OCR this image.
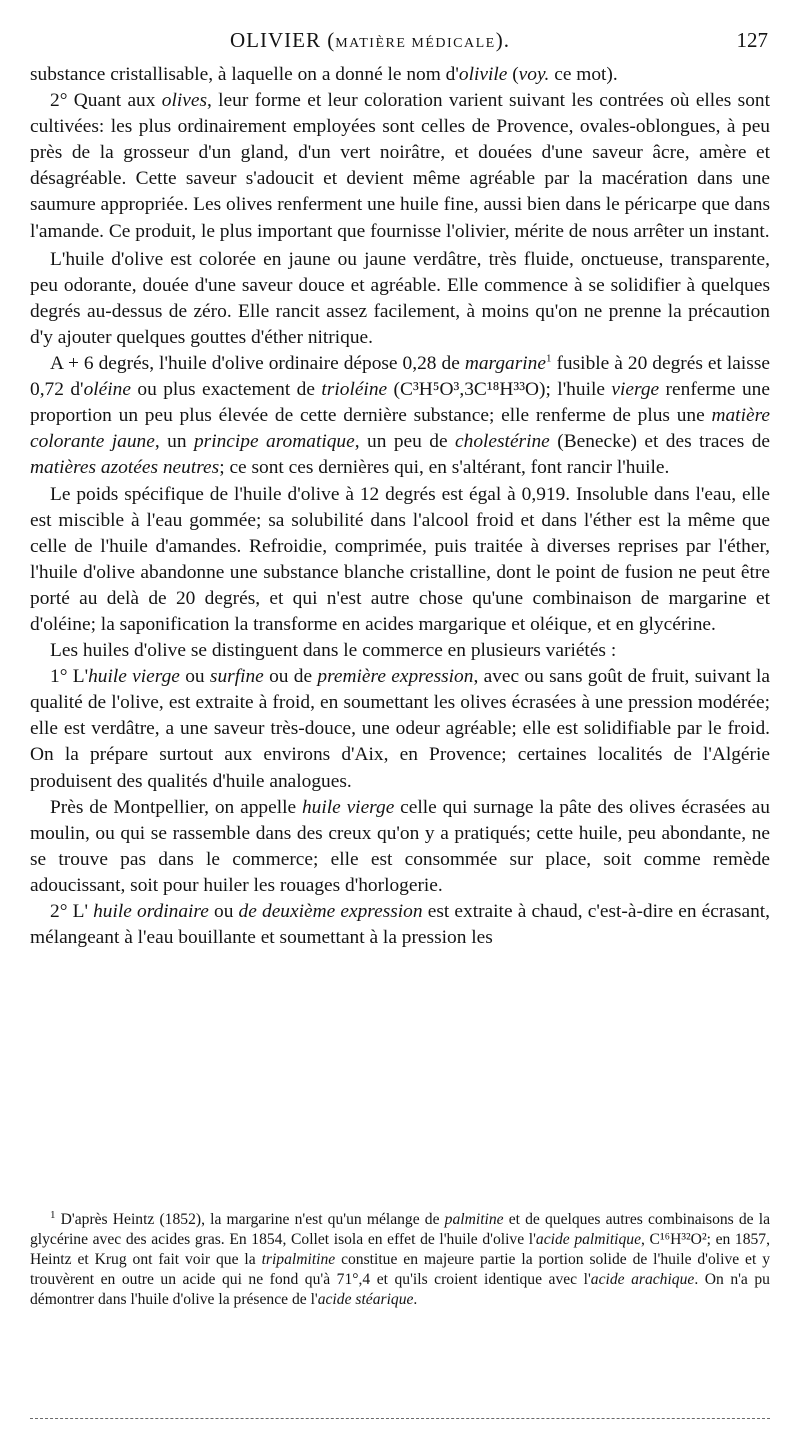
OLIVIER (MATIÈRE MÉDICALE).	127

substance cristallisable, à laquelle on a donné le nom d'olivile (voy. ce mot).

2° Quant aux olives, leur forme et leur coloration varient suivant les contrées où elles sont cultivées: les plus ordinairement employées sont celles de Provence, ovales-oblongues, à peu près de la grosseur d'un gland, d'un vert noirâtre, et douées d'une saveur âcre, amère et désagréable. Cette saveur s'adoucit et devient même agréable par la macération dans une saumure appropriée. Les olives renferment une huile fine, aussi bien dans le péricarpe que dans l'amande. Ce produit, le plus important que fournisse l'olivier, mérite de nous arrêter un instant.

L'huile d'olive est colorée en jaune ou jaune verdâtre, très fluide, onctueuse, transparente, peu odorante, douée d'une saveur douce et agréable. Elle commence à se solidifier à quelques degrés au-dessus de zéro. Elle rancit assez facilement, à moins qu'on ne prenne la précaution d'y ajouter quelques gouttes d'éther nitrique.

A + 6 degrés, l'huile d'olive ordinaire dépose 0,28 de margarine$^1$ fusible à 20 degrés et laisse 0,72 d'oléine ou plus exactement de trioléine (C³H⁵O³,3C¹⁸H³³O); l'huile vierge renferme une proportion un peu plus élevée de cette dernière substance; elle renferme de plus une matière colorante jaune, un principe aromatique, un peu de cholestérine (Benecke) et des traces de matières azotées neutres; ce sont ces dernières qui, en s'altérant, font rancir l'huile.

Le poids spécifique de l'huile d'olive à 12 degrés est égal à 0,919. Insoluble dans l'eau, elle est miscible à l'eau gommée; sa solubilité dans l'alcool froid et dans l'éther est la même que celle de l'huile d'amandes. Refroidie, comprimée, puis traitée à diverses reprises par l'éther, l'huile d'olive abandonne une substance blanche cristalline, dont le point de fusion ne peut être porté au delà de 20 degrés, et qui n'est autre chose qu'une combinaison de margarine et d'oléine; la saponification la transforme en acides margarique et oléique, et en glycérine.

Les huiles d'olive se distinguent dans le commerce en plusieurs variétés :

1° L'huile vierge ou surfine ou de première expression, avec ou sans goût de fruit, suivant la qualité de l'olive, est extraite à froid, en soumettant les olives écrasées à une pression modérée; elle est verdâtre, a une saveur très-douce, une odeur agréable; elle est solidifiable par le froid. On la prépare surtout aux environs d'Aix, en Provence; certaines localités de l'Algérie produisent des qualités d'huile analogues.

Près de Montpellier, on appelle huile vierge celle qui surnage la pâte des olives écrasées au moulin, ou qui se rassemble dans des creux qu'on y a pratiqués; cette huile, peu abondante, ne se trouve pas dans le commerce; elle est consommée sur place, soit comme remède adoucissant, soit pour huiler les rouages d'horlogerie.

2° L' huile ordinaire ou de deuxième expression est extraite à chaud, c'est-à-dire en écrasant, mélangeant à l'eau bouillante et soumettant à la pression les

$^1$ D'après Heintz (1852), la margarine n'est qu'un mélange de palmitine et de quelques autres combinaisons de la glycérine avec des acides gras. En 1854, Collet isola en effet de l'huile d'olive l'acide palmitique, C¹⁶H³²O²; en 1857, Heintz et Krug ont fait voir que la tripalmitine constitue en majeure partie la portion solide de l'huile d'olive et y trouvèrent en outre un acide qui ne fond qu'à 71°,4 et qu'ils croient identique avec l'acide arachique. On n'a pu démontrer dans l'huile d'olive la présence de l'acide stéarique.
